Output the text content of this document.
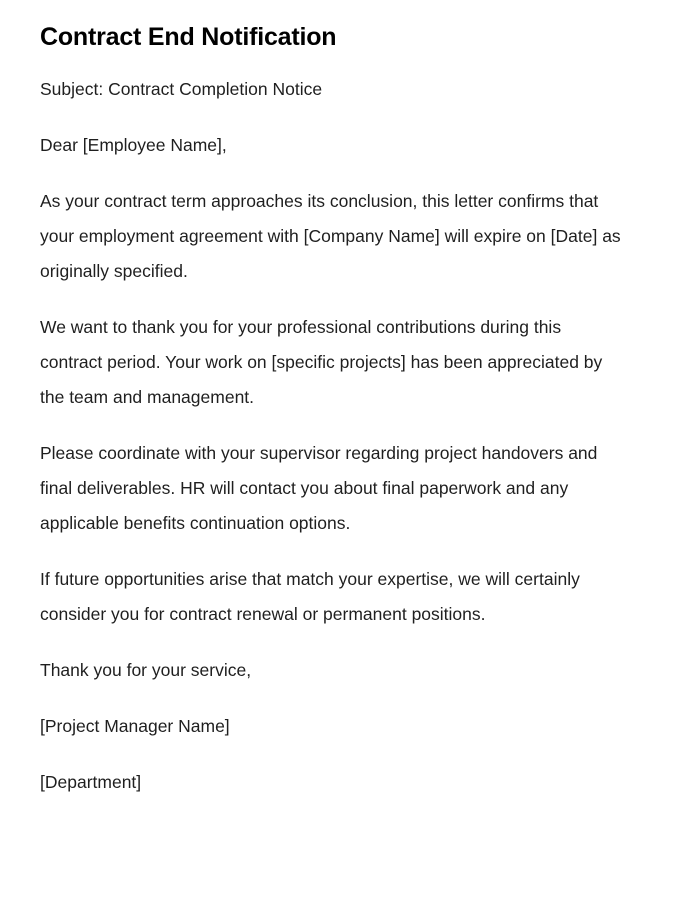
Contract End Notification

Subject: Contract Completion Notice

Dear [Employee Name],

As your contract term approaches its conclusion, this letter confirms that your employment agreement with [Company Name] will expire on [Date] as originally specified.

We want to thank you for your professional contributions during this contract period. Your work on [specific projects] has been appreciated by the team and management.

Please coordinate with your supervisor regarding project handovers and final deliverables. HR will contact you about final paperwork and any applicable benefits continuation options.

If future opportunities arise that match your expertise, we will certainly consider you for contract renewal or permanent positions.

Thank you for your service,

[Project Manager Name]

[Department]
